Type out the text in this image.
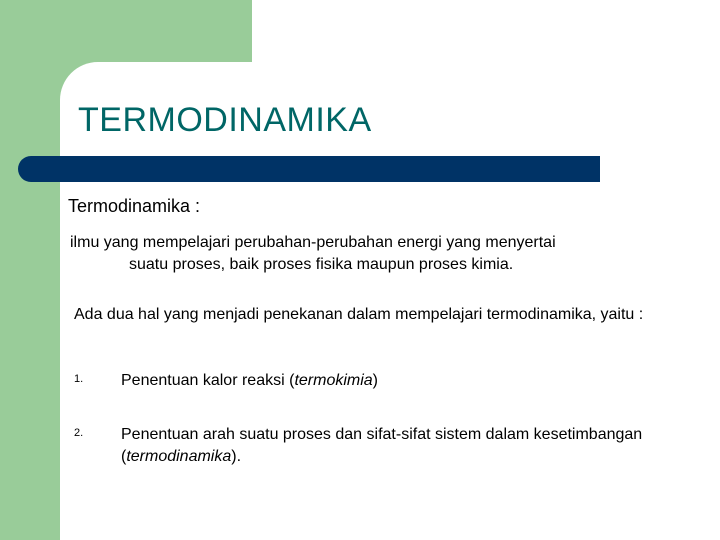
TERMODINAMIKA

Termodinamika :

ilmu yang mempelajari perubahan-perubahan energi yang menyertai
suatu proses, baik proses fisika maupun proses kimia.

Ada dua hal yang menjadi penekanan dalam mempelajari termodinamika, yaitu :

1. Penentuan kalor reaksi (termokimia)
2. Penentuan arah suatu proses dan sifat-sifat sistem dalam kesetimbangan (termodinamika).
